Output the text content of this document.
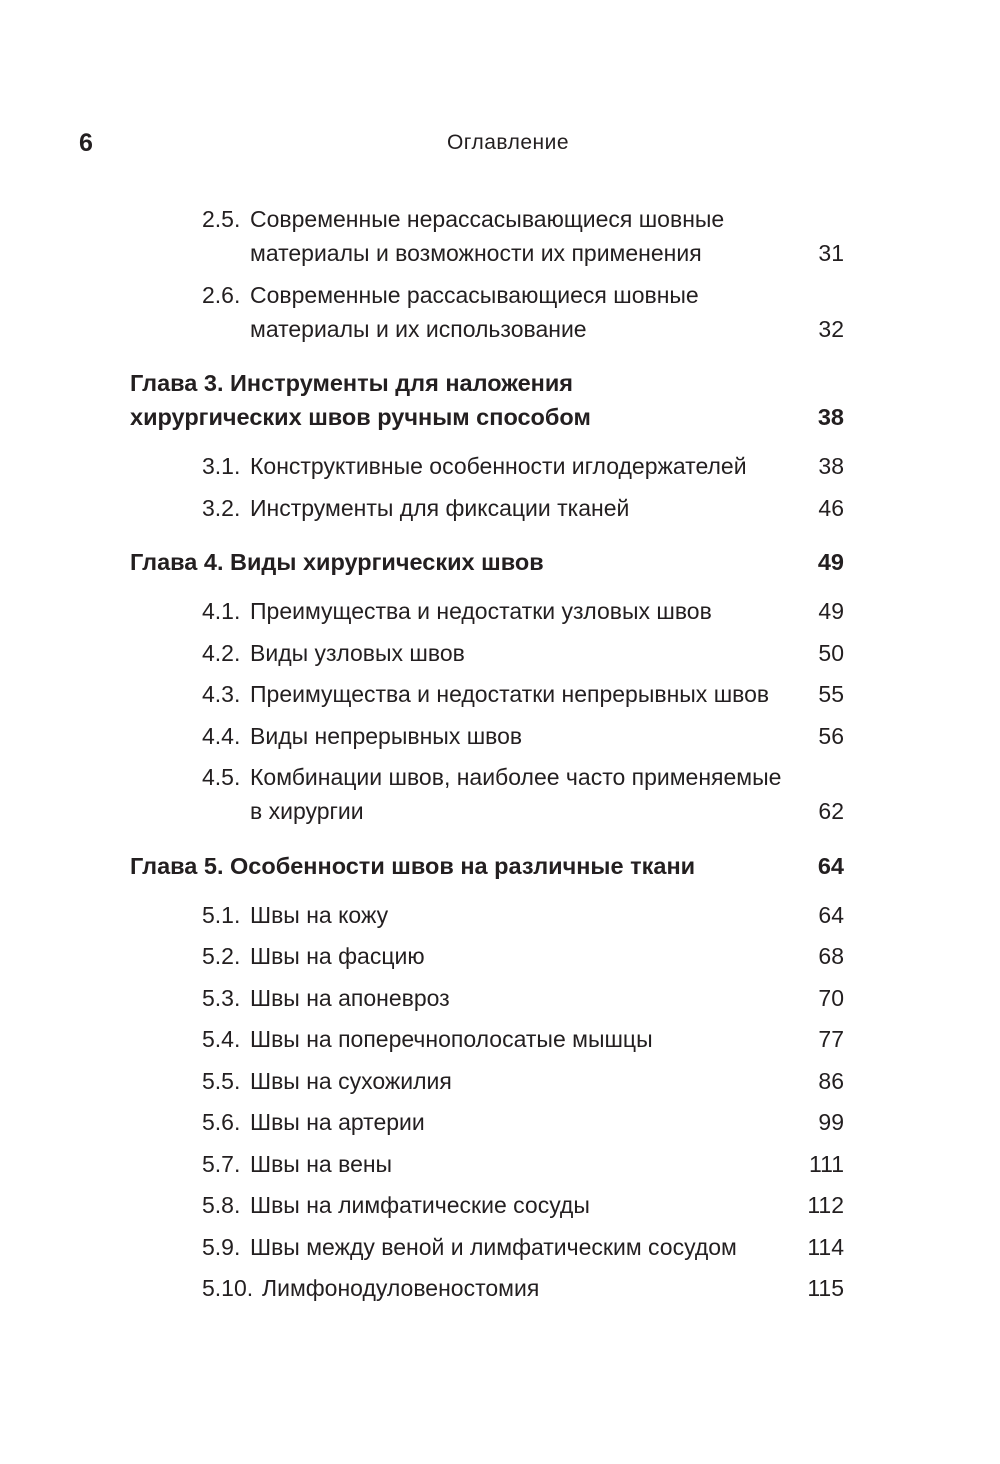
6	Оглавление
2.5. Современные нерассасывающиеся шовные
материалы и возможности их применения	31
2.6. Современные рассасывающиеся шовные
материалы и их использование	32
Глава 3. Инструменты для наложения
хирургических швов ручным способом	38
3.1. Конструктивные особенности иглодержателей	38
3.2. Инструменты для фиксации тканей	46
Глава 4. Виды хирургических швов	49
4.1. Преимущества и недостатки узловых швов	49
4.2. Виды узловых швов	50
4.3. Преимущества и недостатки непрерывных швов	55
4.4. Виды непрерывных швов	56
4.5. Комбинации швов, наиболее часто применяемые
в хирургии	62
Глава 5. Особенности швов на различные ткани	64
5.1. Швы на кожу	64
5.2. Швы на фасцию	68
5.3. Швы на апоневроз	70
5.4. Швы на поперечнополосатые мышцы	77
5.5. Швы на сухожилия	86
5.6. Швы на артерии	99
5.7. Швы на вены	111
5.8. Швы на лимфатические сосуды	112
5.9. Швы между веной и лимфатическим сосудом	114
5.10. Лимфонодуловеностомия	115
